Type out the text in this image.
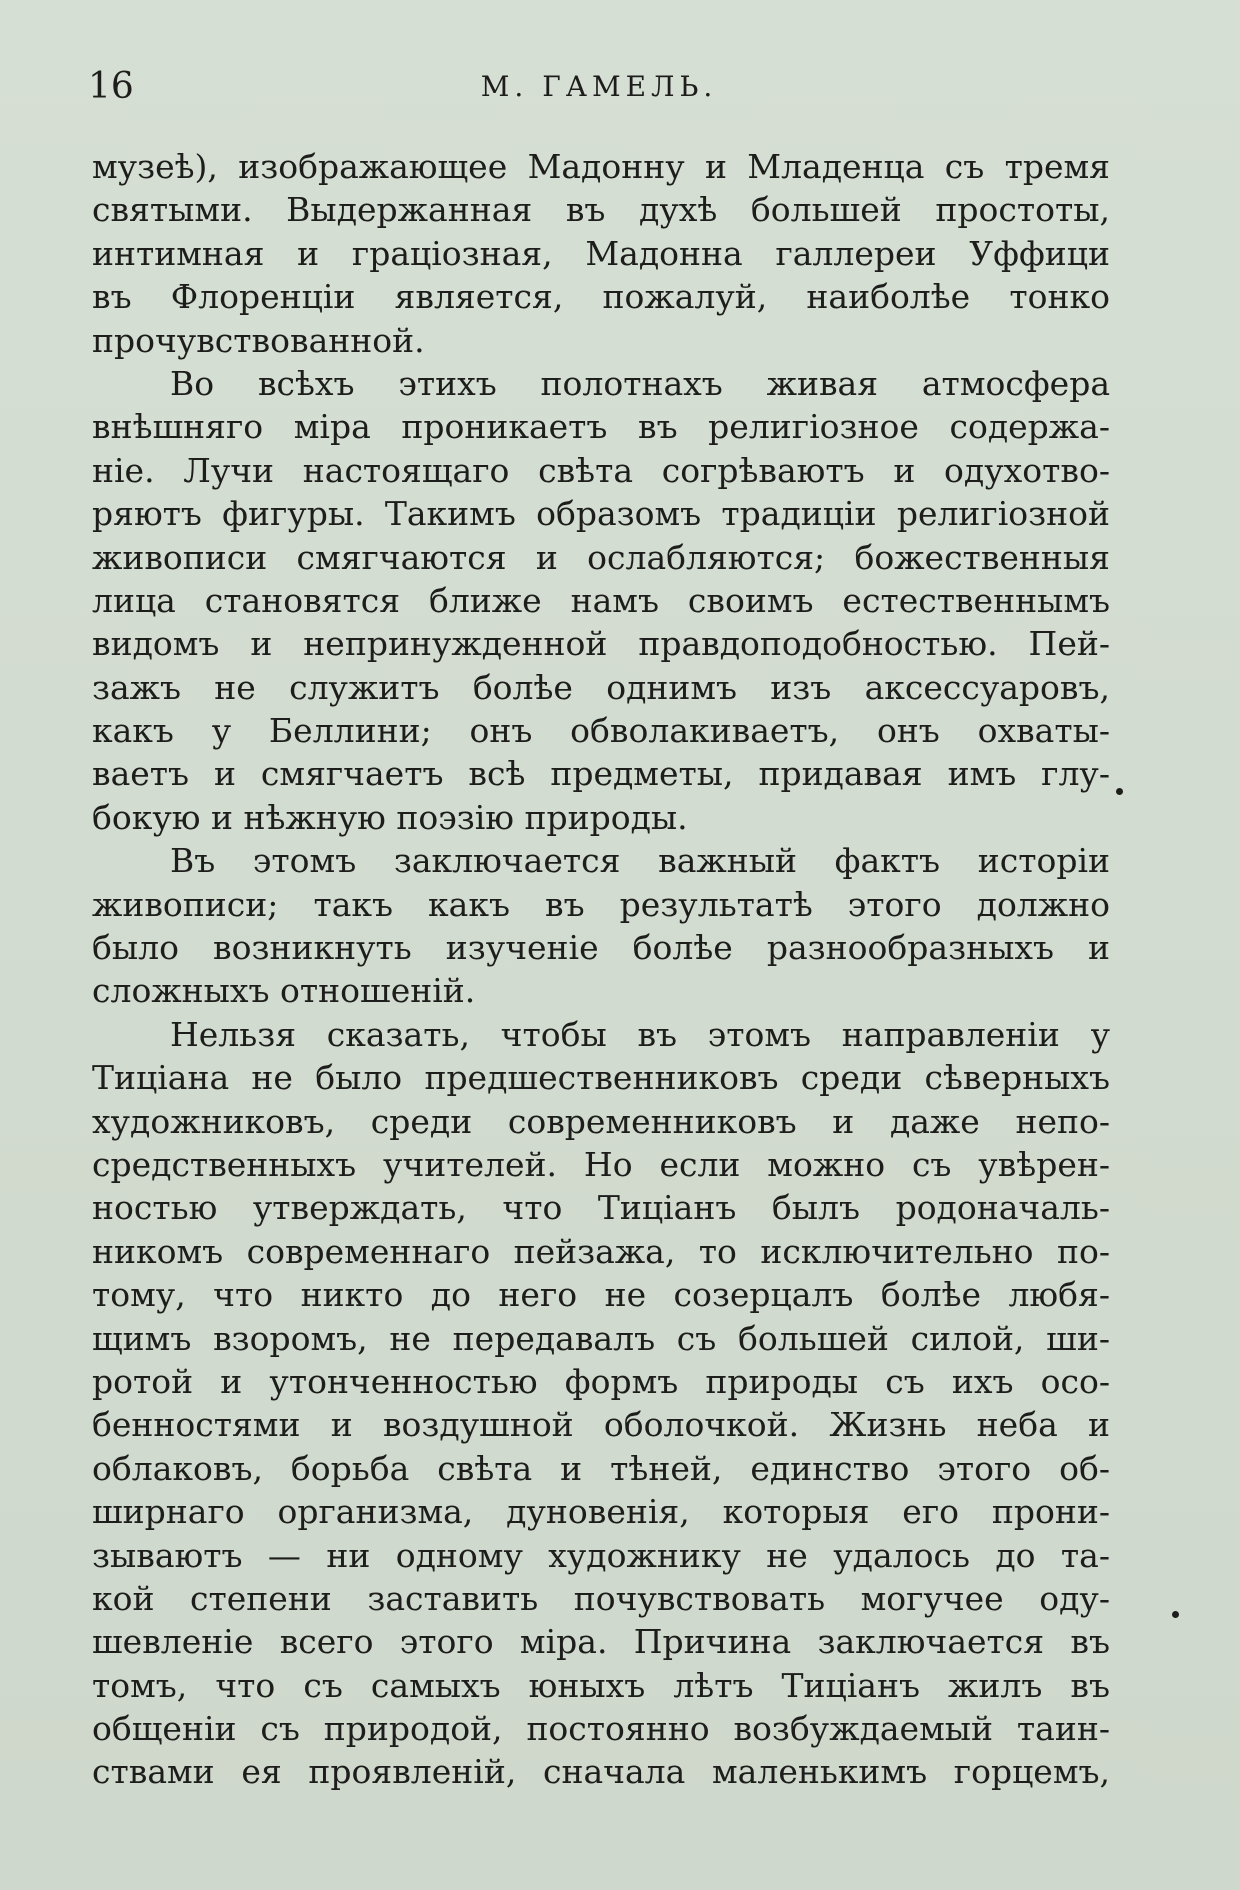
16	М. ГАМЕЛЬ.
музеѣ), изображающее Мадонну и Младенца съ тремя
святыми. Выдержанная въ духѣ большей простоты,
интимная и граціозная, Мадонна галлереи Уффици
въ Флоренціи является, пожалуй, наиболѣе тонко
прочувствованной.
Во всѣхъ этихъ полотнахъ живая атмосфера
внѣшняго міра проникаетъ въ религіозное содержа-
ніе. Лучи настоящаго свѣта согрѣваютъ и одухотво-
ряютъ фигуры. Такимъ образомъ традиціи религіозной
живописи смягчаются и ослабляются; божественныя
лица становятся ближе намъ своимъ естественнымъ
видомъ и непринужденной правдоподобностью. Пей-
зажъ не служитъ болѣе однимъ изъ аксессуаровъ,
какъ у Беллини; онъ обволакиваетъ, онъ охваты-
ваетъ и смягчаетъ всѣ предметы, придавая имъ глу-
бокую и нѣжную поэзію природы.
Въ этомъ заключается важный фактъ исторіи
живописи; такъ какъ въ результатѣ этого должно
было возникнуть изученіе болѣе разнообразныхъ и
сложныхъ отношеній.
Нельзя сказать, чтобы въ этомъ направленіи у
Тиціана не было предшественниковъ среди сѣверныхъ
художниковъ, среди современниковъ и даже непо-
средственныхъ учителей. Но если можно съ увѣрен-
ностью утверждать, что Тиціанъ былъ родоначаль-
никомъ современнаго пейзажа, то исключительно по-
тому, что никто до него не созерцалъ болѣе любя-
щимъ взоромъ, не передавалъ съ большей силой, ши-
ротой и утонченностью формъ природы съ ихъ осо-
бенностями и воздушной оболочкой. Жизнь неба и
облаковъ, борьба свѣта и тѣней, единство этого об-
ширнаго организма, дуновенія, которыя его прони-
зываютъ — ни одному художнику не удалось до та-
кой степени заставить почувствовать могучее оду-
шевленіе всего этого міра. Причина заключается въ
томъ, что съ самыхъ юныхъ лѣтъ Тиціанъ жилъ въ
общеніи съ природой, постоянно возбуждаемый таин-
ствами ея проявленій, сначала маленькимъ горцемъ,
